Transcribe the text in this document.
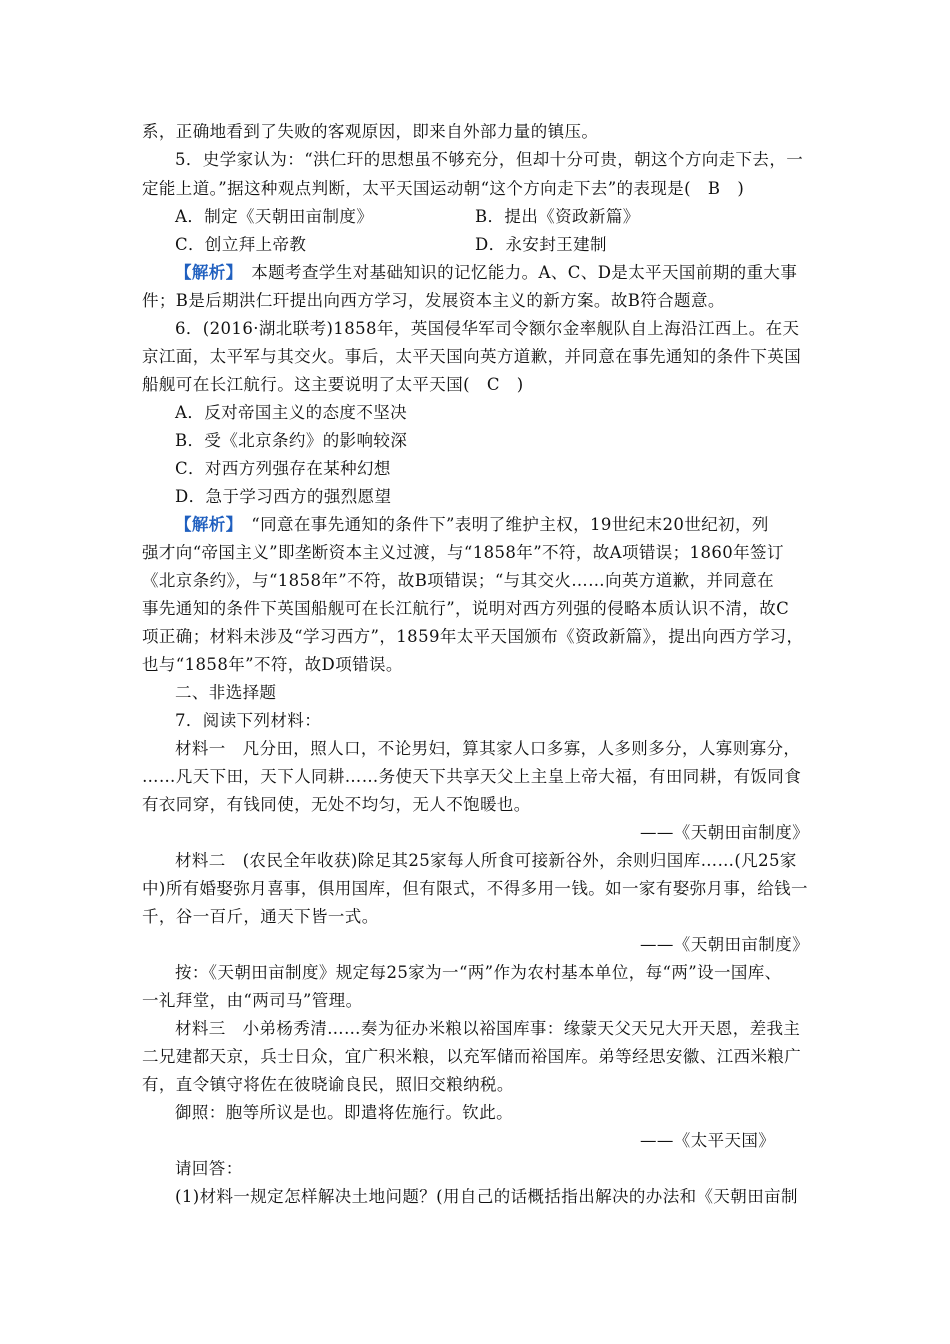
系，正确地看到了失败的客观原因，即来自外部力量的镇压。
5．史学家认为：“洪仁玕的思想虽不够充分，但却十分可贵，朝这个方向走下去，一
定能上道。”据这种观点判断，太平天国运动朝“这个方向走下去”的表现是(　B　)
A．制定《天朝田亩制度》	B．提出《资政新篇》
C．创立拜上帝教	D．永安封王建制
【解析】　本题考查学生对基础知识的记忆能力。A、C、D是太平天国前期的重大事
件；B是后期洪仁玕提出向西方学习，发展资本主义的新方案。故B符合题意。
6．(2016·湖北联考)1858年，英国侵华军司令额尔金率舰队自上海沿江西上。在天
京江面，太平军与其交火。事后，太平天国向英方道歉，并同意在事先通知的条件下英国
船舰可在长江航行。这主要说明了太平天国(　C　)
A．反对帝国主义的态度不坚决
B．受《北京条约》的影响较深
C．对西方列强存在某种幻想
D．急于学习西方的强烈愿望
【解析】　“同意在事先通知的条件下”表明了维护主权，19世纪末20世纪初，列
强才向“帝国主义”即垄断资本主义过渡，与“1858年”不符，故A项错误；1860年签订
《北京条约》，与“1858年”不符，故B项错误；“与其交火……向英方道歉，并同意在
事先通知的条件下英国船舰可在长江航行”，说明对西方列强的侵略本质认识不清，故C
项正确；材料未涉及“学习西方”，1859年太平天国颁布《资政新篇》，提出向西方学习，
也与“1858年”不符，故D项错误。
二、非选择题
7．阅读下列材料：
材料一　凡分田，照人口，不论男妇，算其家人口多寡，人多则多分，人寡则寡分，
……凡天下田，天下人同耕……务使天下共享天父上主皇上帝大福，有田同耕，有饭同食
有衣同穿，有钱同使，无处不均匀，无人不饱暖也。
——《天朝田亩制度》
材料二　(农民全年收获)除足其25家每人所食可接新谷外，余则归国库……(凡25家
中)所有婚娶弥月喜事，俱用国库，但有限式，不得多用一钱。如一家有娶弥月事，给钱一
千，谷一百斤，通天下皆一式。
——《天朝田亩制度》
按：《天朝田亩制度》规定每25家为一“两”作为农村基本单位，每“两”设一国库、
一礼拜堂，由“两司马”管理。
材料三　小弟杨秀清……奏为征办米粮以裕国库事：缘蒙天父天兄大开天恩，差我主
二兄建都天京，兵士日众，宜广积米粮，以充军储而裕国库。弟等经思安徽、江西米粮广
有，直令镇守将佐在彼晓谕良民，照旧交粮纳税。
御照：胞等所议是也。即遣将佐施行。钦此。
——《太平天国》
请回答：
(1)材料一规定怎样解决土地问题？(用自己的话概括指出解决的办法和《天朝田亩制
